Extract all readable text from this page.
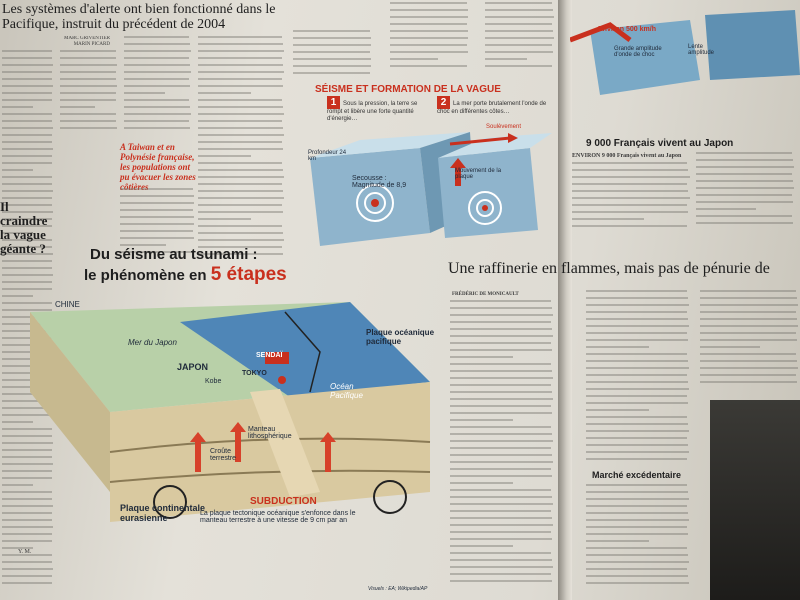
Les systèmes d'alerte ont bien fonctionné dans le Pacifique, instruit du précédent de 2004
MARC GRIVENTIER
MARIN PICARD
A Taiwan et en Polynésie française, les populations ont pu évacuer les zones côtières
Il craindre la vague géante ?
Y. M.
SÉISME ET FORMATION DE LA VAGUE
1 Sous la pression, la terre se rompt et libère une forte quantité d'énergie…
2 La mer porte brutalement l'onde de choc en différentes côtes…
Profondeur 24 km
Secousse : Magnitude de 8,9
Mouvement de la plaque
Soulèvement
Du séisme au tsunami :
le phénomène en 5 étapes
CHINE
Mer du Japon
JAPON
Kobe
TOKYO
SENDAÏ
Plaque océanique pacifique
Océan Pacifique
Croûte terrestre
Manteau lithosphérique
Plaque continentale eurasienne
SUBDUCTION
La plaque tectonique océanique s'enfonce dans le manteau terrestre à une vitesse de 9 cm par an
Visuels : EA; Wikipedia/AP
Environ 500 km/h
Grande amplitude d'onde de choc
Lente amplitude
9 000 Français vivent au Japon
ENVIRON 9 000 Français vivent au Japon
Une raffinerie en flammes, mais pas de pénurie de
FRÉDÉRIC DE MONICAULT
Marché excédentaire
